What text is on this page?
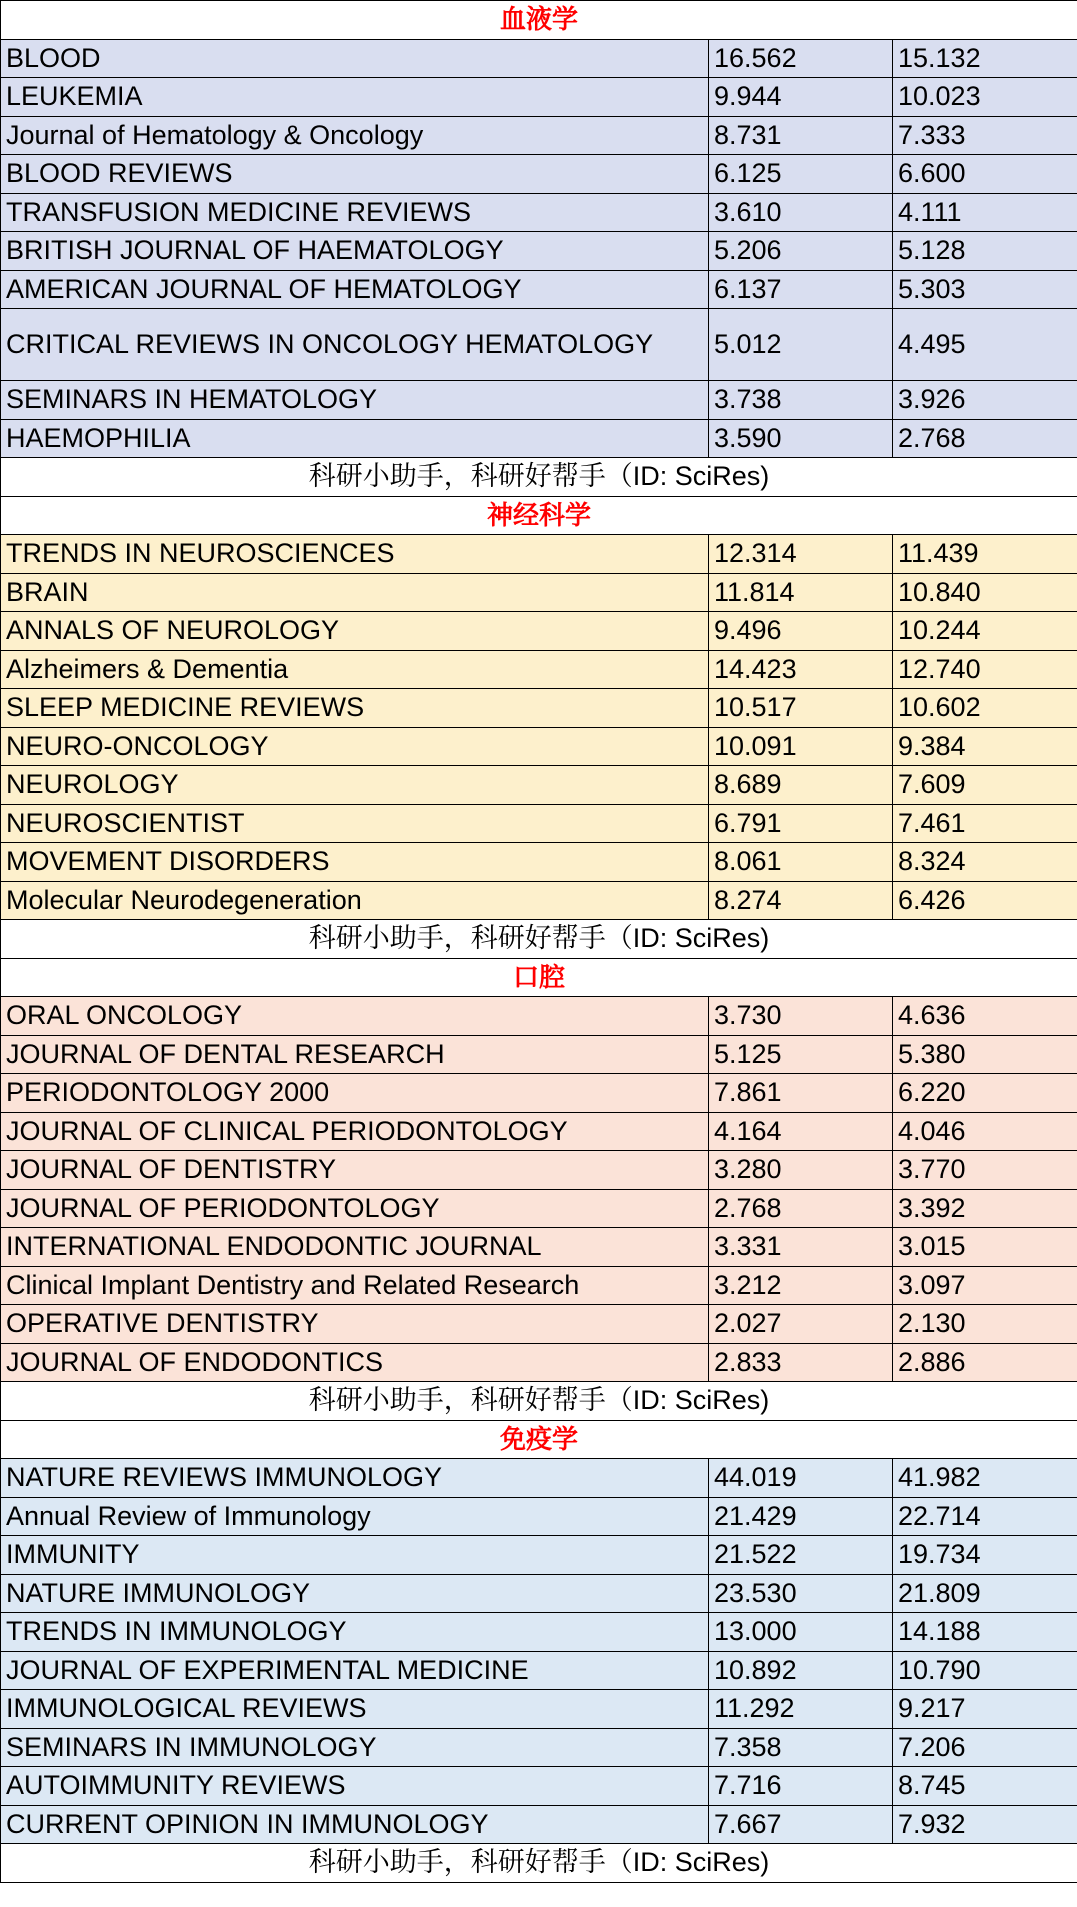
血液学		
BLOOD	16.562	15.132
LEUKEMIA	9.944	10.023
Journal of Hematology & Oncology	8.731	7.333
BLOOD REVIEWS	6.125	6.600
TRANSFUSION MEDICINE REVIEWS	3.610	4.111
BRITISH JOURNAL OF HAEMATOLOGY	5.206	5.128
AMERICAN JOURNAL OF HEMATOLOGY	6.137	5.303
CRITICAL REVIEWS IN ONCOLOGY HEMATOLOGY	5.012	4.495
SEMINARS IN HEMATOLOGY	3.738	3.926
HAEMOPHILIA	3.590	2.768
科研小助手，科研好帮手（ID: SciRes)		
神经科学		
TRENDS IN NEUROSCIENCES	12.314	11.439
BRAIN	11.814	10.840
ANNALS OF NEUROLOGY	9.496	10.244
Alzheimers & Dementia	14.423	12.740
SLEEP MEDICINE REVIEWS	10.517	10.602
NEURO-ONCOLOGY	10.091	9.384
NEUROLOGY	8.689	7.609
NEUROSCIENTIST	6.791	7.461
MOVEMENT DISORDERS	8.061	8.324
Molecular Neurodegeneration	8.274	6.426
科研小助手，科研好帮手（ID: SciRes)		
口腔		
ORAL ONCOLOGY	3.730	4.636
JOURNAL OF DENTAL RESEARCH	5.125	5.380
PERIODONTOLOGY 2000	7.861	6.220
JOURNAL OF CLINICAL PERIODONTOLOGY	4.164	4.046
JOURNAL OF DENTISTRY	3.280	3.770
JOURNAL OF PERIODONTOLOGY	2.768	3.392
INTERNATIONAL ENDODONTIC JOURNAL	3.331	3.015
Clinical Implant Dentistry and Related Research	3.212	3.097
OPERATIVE DENTISTRY	2.027	2.130
JOURNAL OF ENDODONTICS	2.833	2.886
科研小助手，科研好帮手（ID: SciRes)		
免疫学		
NATURE REVIEWS IMMUNOLOGY	44.019	41.982
Annual Review of Immunology	21.429	22.714
IMMUNITY	21.522	19.734
NATURE IMMUNOLOGY	23.530	21.809
TRENDS IN IMMUNOLOGY	13.000	14.188
JOURNAL OF EXPERIMENTAL MEDICINE	10.892	10.790
IMMUNOLOGICAL REVIEWS	11.292	9.217
SEMINARS IN IMMUNOLOGY	7.358	7.206
AUTOIMMUNITY REVIEWS	7.716	8.745
CURRENT OPINION IN IMMUNOLOGY	7.667	7.932
科研小助手，科研好帮手（ID: SciRes)		
